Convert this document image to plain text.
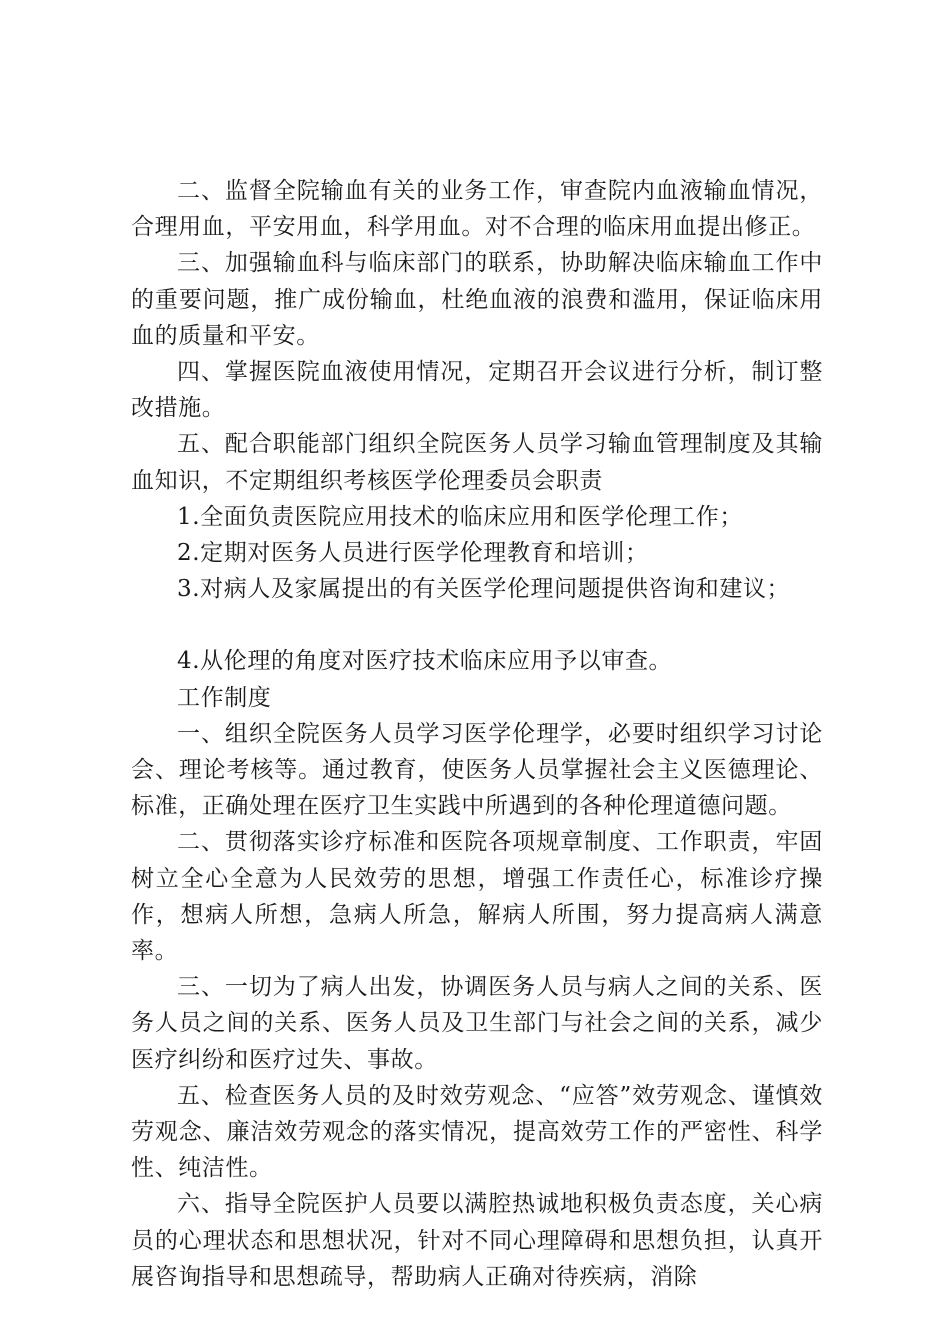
二、监督全院输血有关的业务工作，审查院内血液输血情况，合理用血，平安用血，科学用血。对不合理的临床用血提出修正。

三、加强输血科与临床部门的联系，协助解决临床输血工作中的重要问题，推广成份输血，杜绝血液的浪费和滥用，保证临床用血的质量和平安。

四、掌握医院血液使用情况，定期召开会议进行分析，制订整改措施。

五、配合职能部门组织全院医务人员学习输血管理制度及其输血知识，不定期组织考核医学伦理委员会职责

1.全面负责医院应用技术的临床应用和医学伦理工作；

2.定期对医务人员进行医学伦理教育和培训；

3.对病人及家属提出的有关医学伦理问题提供咨询和建议；

4.从伦理的角度对医疗技术临床应用予以审查。

工作制度

一、组织全院医务人员学习医学伦理学，必要时组织学习讨论会、理论考核等。通过教育，使医务人员掌握社会主义医德理论、标准，正确处理在医疗卫生实践中所遇到的各种伦理道德问题。

二、贯彻落实诊疗标准和医院各项规章制度、工作职责，牢固树立全心全意为人民效劳的思想，增强工作责任心，标准诊疗操作，想病人所想，急病人所急，解病人所围，努力提高病人满意率。

三、一切为了病人出发，协调医务人员与病人之间的关系、医务人员之间的关系、医务人员及卫生部门与社会之间的关系，减少医疗纠纷和医疗过失、事故。

五、检查医务人员的及时效劳观念、“应答”效劳观念、谨慎效劳观念、廉洁效劳观念的落实情况，提高效劳工作的严密性、科学性、纯洁性。

六、指导全院医护人员要以满腔热诚地积极负责态度，关心病员的心理状态和思想状况，针对不同心理障碍和思想负担，认真开展咨询指导和思想疏导，帮助病人正确对待疾病，消除
